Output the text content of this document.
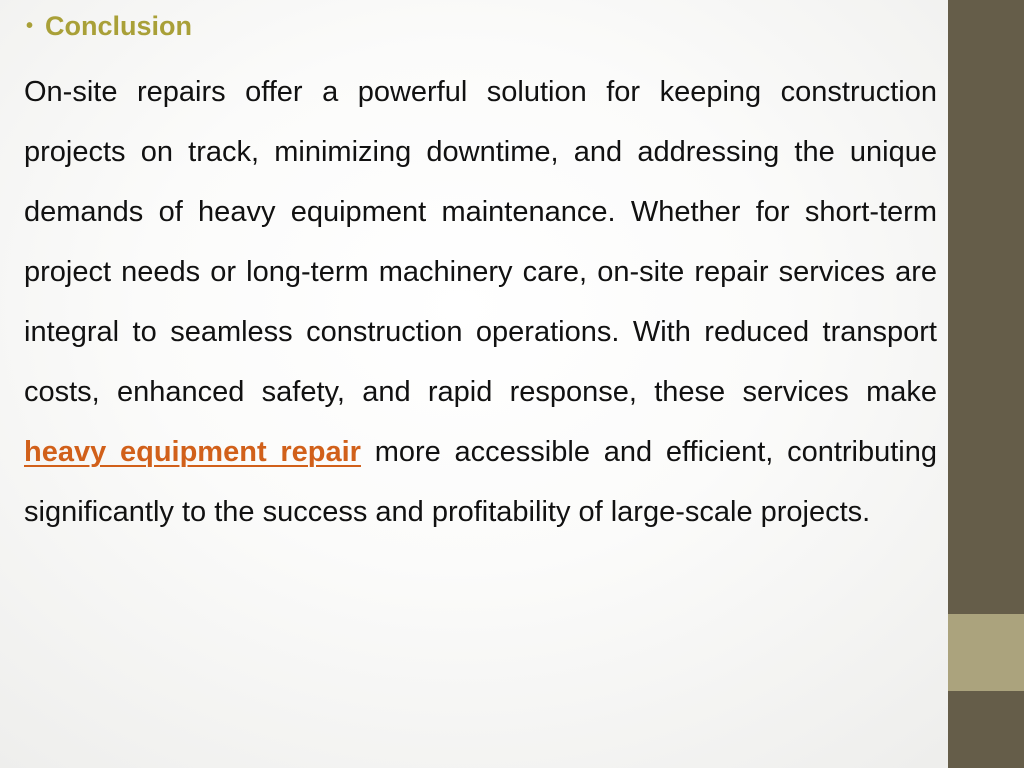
• Conclusion

On-site repairs offer a powerful solution for keeping construction projects on track, minimizing downtime, and addressing the unique demands of heavy equipment maintenance. Whether for short-term project needs or long-term machinery care, on-site repair services are integral to seamless construction operations. With reduced transport costs, enhanced safety, and rapid response, these services make heavy equipment repair more accessible and efficient, contributing significantly to the success and profitability of large-scale projects.
